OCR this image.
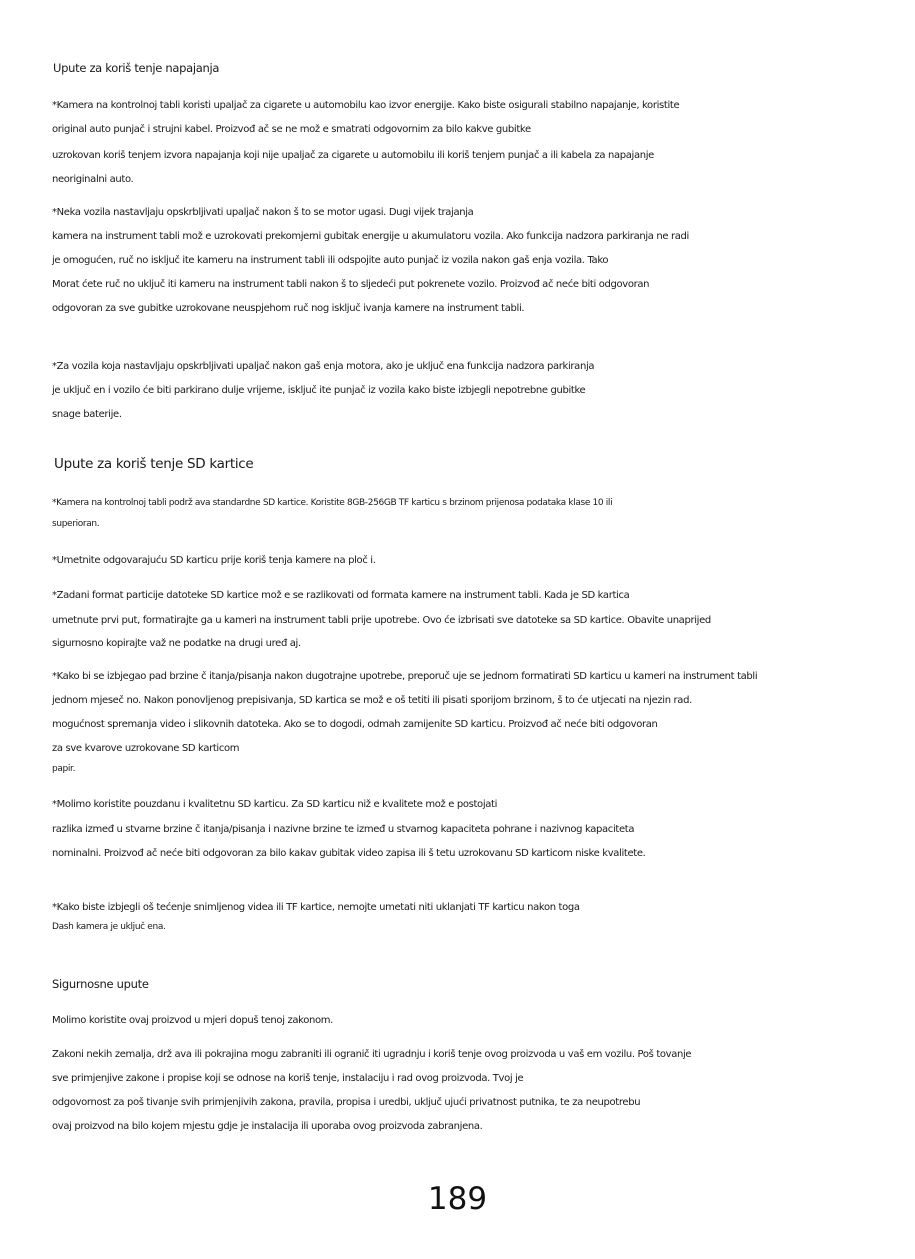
Upute za koriš tenje napajanja
*Kamera na kontrolnoj tabli koristi upaljač za cigarete u automobilu kao izvor energije. Kako biste osigurali stabilno napajanje, koristite
original auto punjač i strujni kabel. Proizvođ ač se ne mož e smatrati odgovornim za bilo kakve gubitke
uzrokovan koriš tenjem izvora napajanja koji nije upaljač za cigarete u automobilu ili koriš tenjem punjač a ili kabela za napajanje
neoriginalni auto.
*Neka vozila nastavljaju opskrbljivati upaljač nakon š to se motor ugasi. Dugi vijek trajanja
kamera na instrument tabli mož e uzrokovati prekomjerni gubitak energije u akumulatoru vozila. Ako funkcija nadzora parkiranja ne radi
je omogućen, ruč no isključ ite kameru na instrument tabli ili odspojite auto punjač iz vozila nakon gaš enja vozila. Tako
Morat ćete ruč no uključ iti kameru na instrument tabli nakon š to sljedeći put pokrenete vozilo. Proizvođ ač neće biti odgovoran
odgovoran za sve gubitke uzrokovane neuspjehom ruč nog isključ ivanja kamere na instrument tabli.
*Za vozila koja nastavljaju opskrbljivati upaljač nakon gaš enja motora, ako je uključ ena funkcija nadzora parkiranja
je uključ en i vozilo će biti parkirano dulje vrijeme, isključ ite punjač iz vozila kako biste izbjegli nepotrebne gubitke
snage baterije.
Upute za koriš tenje SD kartice
*Kamera na kontrolnoj tabli podrž ava standardne SD kartice. Koristite 8GB-256GB TF karticu s brzinom prijenosa podataka klase 10 ili
superioran.
*Umetnite odgovarajuću SD karticu prije koriš tenja kamere na ploč i.
*Zadani format particije datoteke SD kartice mož e se razlikovati od formata kamere na instrument tabli. Kada je SD kartica
umetnute prvi put, formatirajte ga u kameri na instrument tabli prije upotrebe. Ovo će izbrisati sve datoteke sa SD kartice. Obavite unaprijed
sigurnosno kopirajte važ ne podatke na drugi uređ aj.
*Kako bi se izbjegao pad brzine č itanja/pisanja nakon dugotrajne upotrebe, preporuč uje se jednom formatirati SD karticu u kameri na instrument tabli
jednom mjeseč no. Nakon ponovljenog prepisivanja, SD kartica se mož e oš tetiti ili pisati sporijom brzinom, š to će utjecati na njezin rad.
mogućnost spremanja video i slikovnih datoteka. Ako se to dogodi, odmah zamijenite SD karticu. Proizvođ ač neće biti odgovoran
za sve kvarove uzrokovane SD karticom
papir.
*Molimo koristite pouzdanu i kvalitetnu SD karticu. Za SD karticu niž e kvalitete mož e postojati
razlika izmeđ u stvarne brzine č itanja/pisanja i nazivne brzine te izmeđ u stvarnog kapaciteta pohrane i nazivnog kapaciteta
nominalni. Proizvođ ač neće biti odgovoran za bilo kakav gubitak video zapisa ili š tetu uzrokovanu SD karticom niske kvalitete.
*Kako biste izbjegli oš tećenje snimljenog videa ili TF kartice, nemojte umetati niti uklanjati TF karticu nakon toga
Dash kamera je uključ ena.
Sigurnosne upute
Molimo koristite ovaj proizvod u mjeri dopuš tenoj zakonom.
Zakoni nekih zemalja, drž ava ili pokrajina mogu zabraniti ili ogranič iti ugradnju i koriš tenje ovog proizvoda u vaš em vozilu. Poš tovanje
sve primjenjive zakone i propise koji se odnose na koriš tenje, instalaciju i rad ovog proizvoda. Tvoj je
odgovornost za poš tivanje svih primjenjivih zakona, pravila, propisa i uredbi, uključ ujući privatnost putnika, te za neupotrebu
ovaj proizvod na bilo kojem mjestu gdje je instalacija ili uporaba ovog proizvoda zabranjena.
189
